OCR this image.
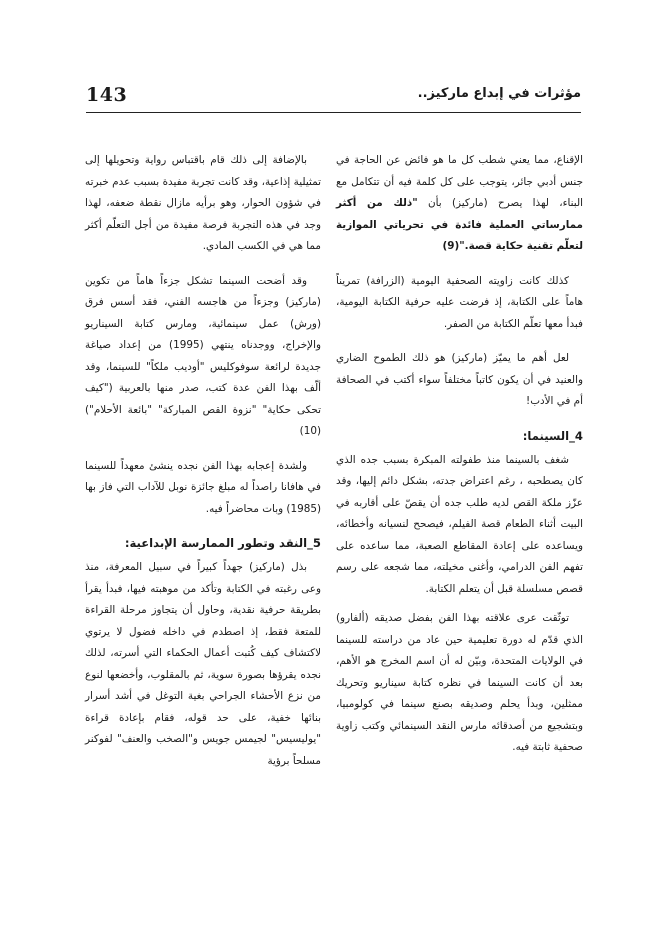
143	مؤثرات في إبداع ماركيز..

الإقناع، مما يعني شطب كل ما هو فائض عن الحاجة في جنس أدبي جائر، يتوجب على كل كلمة فيه أن تتكامل مع البناء، لهذا يصرح (ماركيز) بأن "ذلك من أكثر ممارساتي العملية فائدة في تحرياتي الموازية لتعلّم تقنية حكاية قصة."(9)

كذلك كانت زاويته الصحفية اليومية (الزرافة) تمريناً هاماً على الكتابة، إذ فرضت عليه حرفية الكتابة اليومية، فبدأ معها تعلّم الكتابة من الصفر.

لعل أهم ما يميّز (ماركيز) هو ذلك الطموح الضاري والعنيد في أن يكون كاتباً مختلفاً سواء أكتب في الصحافة أم في الأدب!

4_السينما:

شغف بالسينما منذ طفولته المبكرة بسبب جده الذي كان يصطحبه ، رغم اعتراض جدته، بشكل دائم إليها، وقد عزّز ملكة القص لديه طلب جده أن يقصّ على أقاربه في البيت أثناء الطعام قصة الفيلم، فيصحح لنسيانه وأخطائه، ويساعده على إعادة المقاطع الصعبة، مما ساعده على تفهم الفن الدرامي، وأغنى مخيلته، مما شجعه على رسم قصص مسلسلة قبل أن يتعلم الكتابة.

توثّقت عرى علاقته بهذا الفن بفضل صديقه (ألفارو) الذي قدّم له دورة تعليمية حين عاد من دراسته للسينما في الولايات المتحدة، وبيّن له أن اسم المخرج هو الأهم، بعد أن كانت السينما في نظره كتابة سيناريو وتحريك ممثلين، وبدأ يحلم وصديقه بصنع سينما في كولومبيا، وبتشجيع من أصدقائه مارس النقد السينمائي وكتب زاوية صحفية ثابتة فيه.

بالإضافة إلى ذلك قام باقتباس رواية وتحويلها إلى تمثيلية إذاعية، وقد كانت تجربة مفيدة بسبب عدم خبرته في شؤون الحوار، وهو برأيه مازال نقطة ضعفه، لهذا وجد في هذه التجربة فرصة مفيدة من أجل التعلّم أكثر مما هي في الكسب المادي.

وقد أضحت السينما تشكل جزءاً هاماً من تكوين (ماركيز) وجزءاً من هاجسه الفني، فقد أسس فرق (ورش) عمل سينمائية، ومارس كتابة السيناريو والإخراج، ووجدناه ينتهي (1995) من إعداد صياغة جديدة لرائعة سوفوكليس "أوديب ملكاً" للسينما، وقد ألّف بهذا الفن عدة كتب، صدر منها بالعربية ("كيف تحكى حكاية" "نزوة القص المباركة" "بائعة الأحلام")(10)

ولشدة إعجابه بهذا الفن نجده ينشئ معهداً للسينما في هافانا راصداً له مبلغ جائزة نوبل للآداب التي فاز بها (1985) وبات محاضراً فيه.

5_النقد وتطور الممارسة الإبداعية:

بذل (ماركيز) جهداً كبيراً في سبيل المعرفة، منذ وعى رغبته في الكتابة وتأكد من موهبته فيها، فبدأ يقرأ بطريقة حرفية نقدية، وحاول أن يتجاوز مرحلة القراءة للمتعة فقط، إذ اصطدم في داخله فضول لا يرتوي لاكتشاف كيف كُتبت أعمال الحكماء التي أسرته، لذلك نجده يقرؤها بصورة سوية، ثم بالمقلوب، وأخضعها لنوع من نزع الأحشاء الجراحي بغية التوغل في أشد أسرار بنائها خفية، على حد قوله، فقام بإعادة قراءة "يوليسيس" لجيمس جويس و"الصخب والعنف" لفوكنر مسلحاً برؤية
